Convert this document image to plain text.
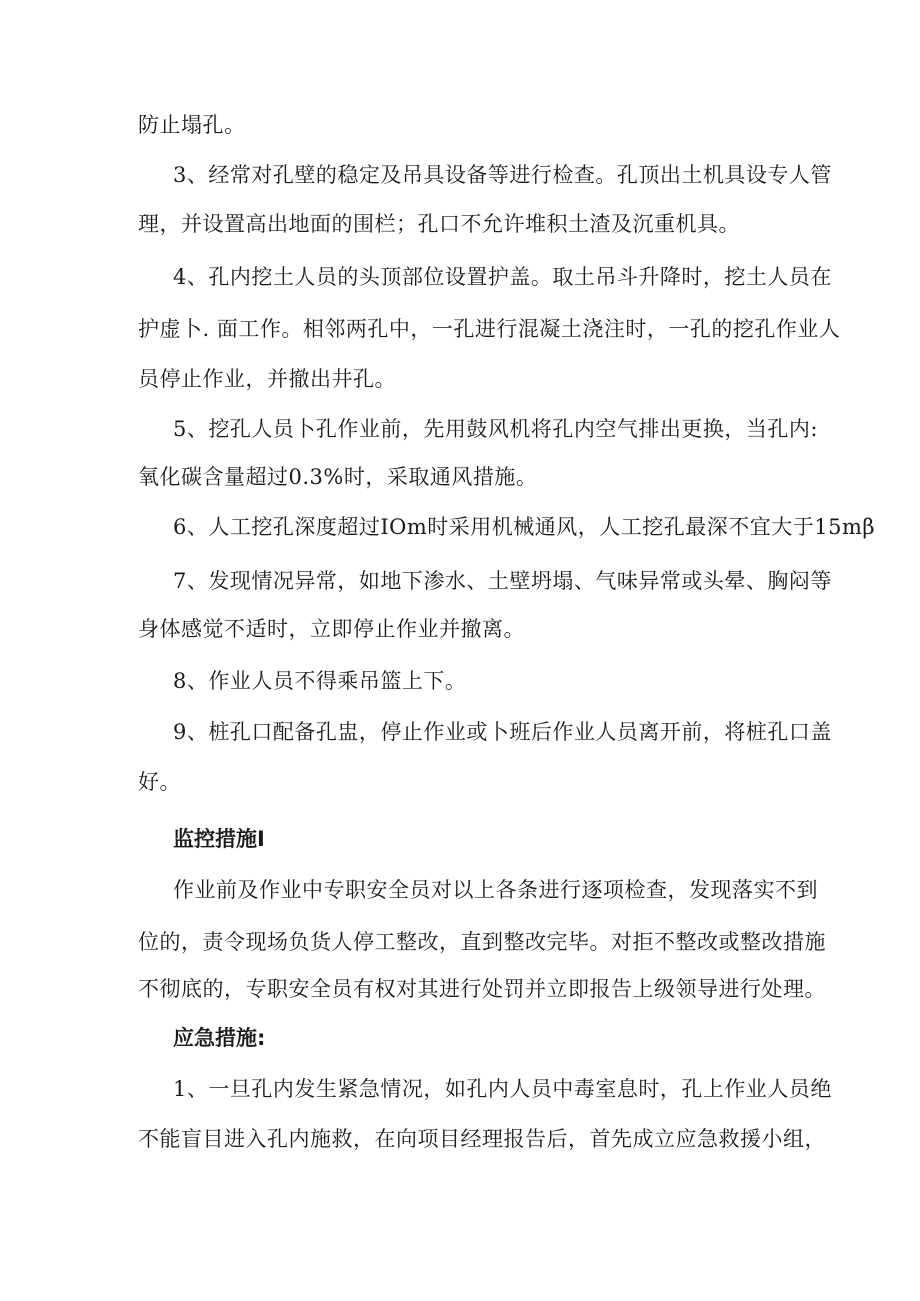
防止塌孔。
3、经常对孔壁的稳定及吊具设备等进行检查。孔顶出土机具设专人管
理，并设置高出地面的围栏；孔口不允许堆积土渣及沉重机具。
4、孔内挖土人员的头顶部位设置护盖。取土吊斗升降时，挖土人员在
护虚卜. 面工作。相邻两孔中，一孔进行混凝土浇注时，一孔的挖孔作业人
员停止作业，并撤出井孔。
5、挖孔人员卜孔作业前，先用鼓风机将孔内空气排出更换，当孔内:
氧化碳含量超过0.3%时，采取通风措施。
6、人工挖孔深度超过IOm时采用机械通风，人工挖孔最深不宜大于15mβ
7、发现情况异常，如地下渗水、土壁坍塌、气味异常或头晕、胸闷等
身体感觉不适时，立即停止作业并撤离。
8、作业人员不得乘吊篮上下。
9、桩孔口配备孔盅，停止作业或卜班后作业人员离开前，将桩孔口盖
好。
监控措施I
作业前及作业中专职安全员对以上各条进行逐项检查，发现落实不到
位的，责令现场负货人停工整改，直到整改完毕。对拒不整改或整改措施
不彻底的，专职安全员有权对其进行处罚并立即报告上级领导进行处理。
应急措施:
1、一旦孔内发生紧急情况，如孔内人员中毒室息时，孔上作业人员绝
不能盲目进入孔内施救，在向项目经理报告后，首先成立应急救援小组，
